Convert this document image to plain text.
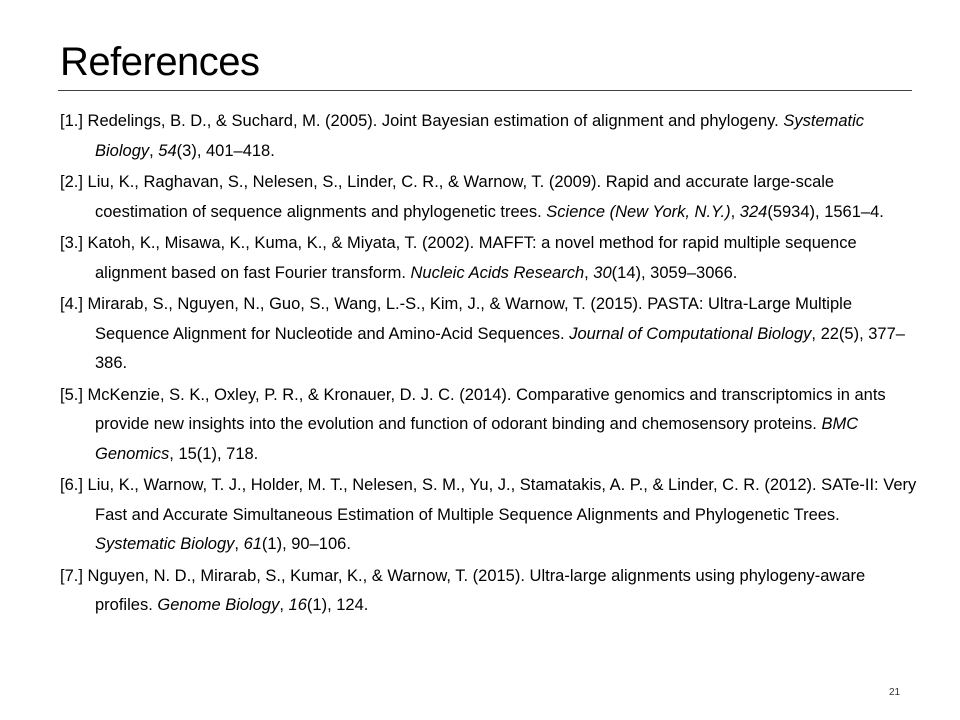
References
[1.] Redelings, B. D., & Suchard, M. (2005). Joint Bayesian estimation of alignment and phylogeny. Systematic Biology, 54(3), 401–418.
[2.] Liu, K., Raghavan, S., Nelesen, S., Linder, C. R., & Warnow, T. (2009). Rapid and accurate large-scale coestimation of sequence alignments and phylogenetic trees. Science (New York, N.Y.), 324(5934), 1561–4.
[3.] Katoh, K., Misawa, K., Kuma, K., & Miyata, T. (2002). MAFFT: a novel method for rapid multiple sequence alignment based on fast Fourier transform. Nucleic Acids Research, 30(14), 3059–3066.
[4.] Mirarab, S., Nguyen, N., Guo, S., Wang, L.-S., Kim, J., & Warnow, T. (2015). PASTA: Ultra-Large Multiple Sequence Alignment for Nucleotide and Amino-Acid Sequences. Journal of Computational Biology, 22(5), 377–386.
[5.] McKenzie, S. K., Oxley, P. R., & Kronauer, D. J. C. (2014). Comparative genomics and transcriptomics in ants provide new insights into the evolution and function of odorant binding and chemosensory proteins. BMC Genomics, 15(1), 718.
[6.] Liu, K., Warnow, T. J., Holder, M. T., Nelesen, S. M., Yu, J., Stamatakis, A. P., & Linder, C. R. (2012). SATe-II: Very Fast and Accurate Simultaneous Estimation of Multiple Sequence Alignments and Phylogenetic Trees. Systematic Biology, 61(1), 90–106.
[7.] Nguyen, N. D., Mirarab, S., Kumar, K., & Warnow, T. (2015). Ultra-large alignments using phylogeny-aware profiles. Genome Biology, 16(1), 124.
21
